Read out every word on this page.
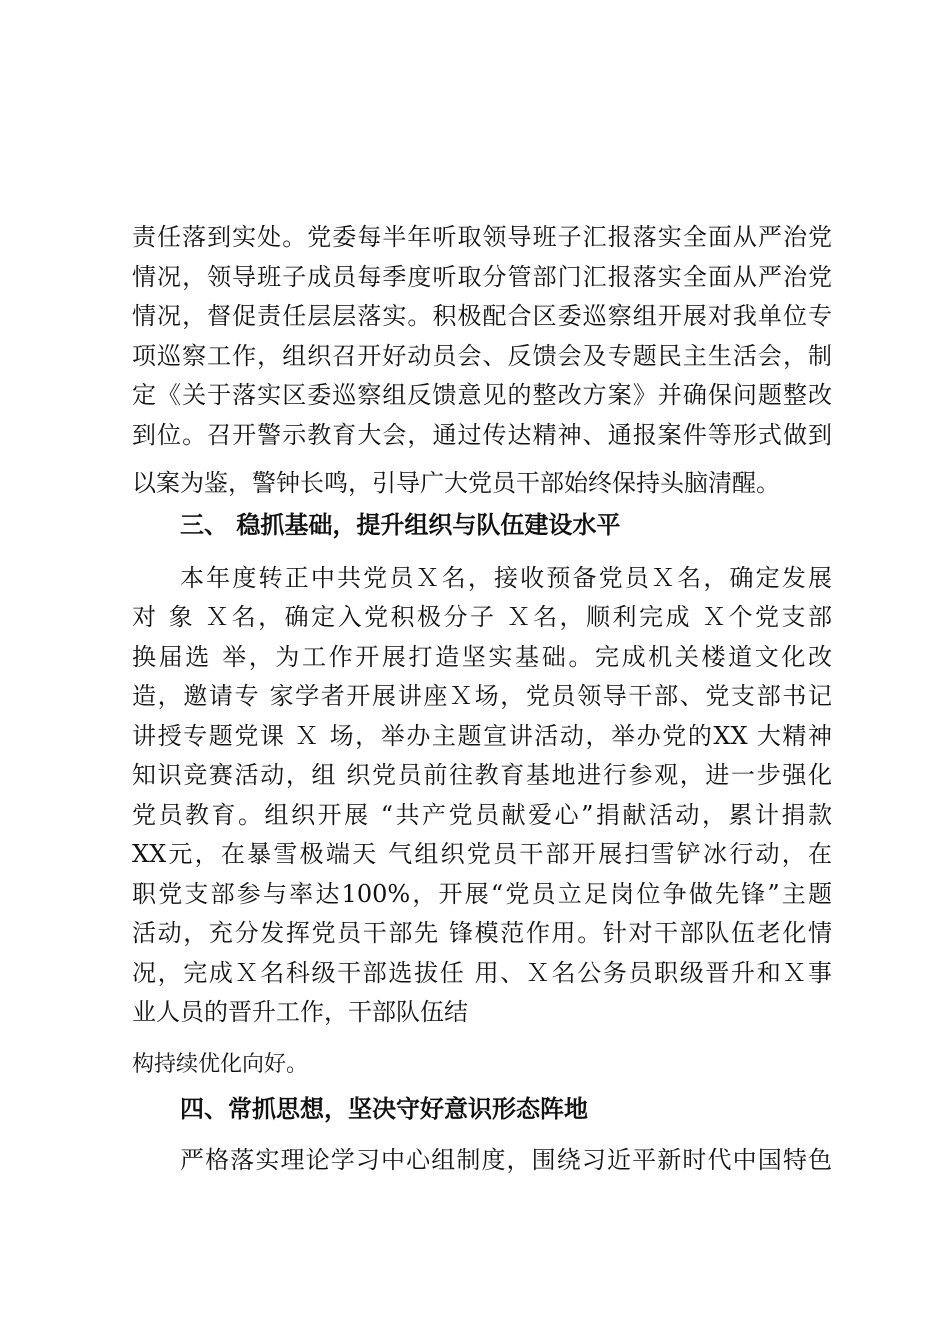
责任落到实处。党委每半年听取领导班子汇报落实全面从严治党
情况，领导班子成员每季度听取分管部门汇报落实全面从严治党
情况，督促责任层层落实。积极配合区委巡察组开展对我单位专
项巡察工作，组织召开好动员会、反馈会及专题民主生活会，制
定《关于落实区委巡察组反馈意见的整改方案》并确保问题整改
到位。召开警示教育大会，通过传达精神、通报案件等形式做到
以案为鉴，警钟长鸣，引导广大党员干部始终保持头脑清醒。
三、 稳抓基础，提升组织与队伍建设水平
本年度转正中共党员Ｘ名，接收预备党员Ｘ名，确定发展
对 象 Ｘ名，确定入党积极分子 Ｘ名，顺利完成 Ｘ个党支部
换届选 举，为工作开展打造坚实基础。完成机关楼道文化改
造，邀请专 家学者开展讲座Ｘ场，党员领导干部、党支部书记
讲授专题党课 Ｘ 场，举办主题宣讲活动，举办党的XX 大精神
知识竞赛活动，组 织党员前往教育基地进行参观，进一步强化
党员教育。组织开展 “共产党员献爱心”捐献活动，累计捐款
XX元，在暴雪极端天 气组织党员干部开展扫雪铲冰行动，在
职党支部参与率达100%，开展“党员立足岗位争做先锋”主题
活动，充分发挥党员干部先 锋模范作用。针对干部队伍老化情
况，完成Ｘ名科级干部选拔任 用、Ｘ名公务员职级晋升和Ｘ事
业人员的晋升工作，干部队伍结
构持续优化向好。
四、常抓思想，坚决守好意识形态阵地
严格落实理论学习中心组制度，围绕习近平新时代中国特色
